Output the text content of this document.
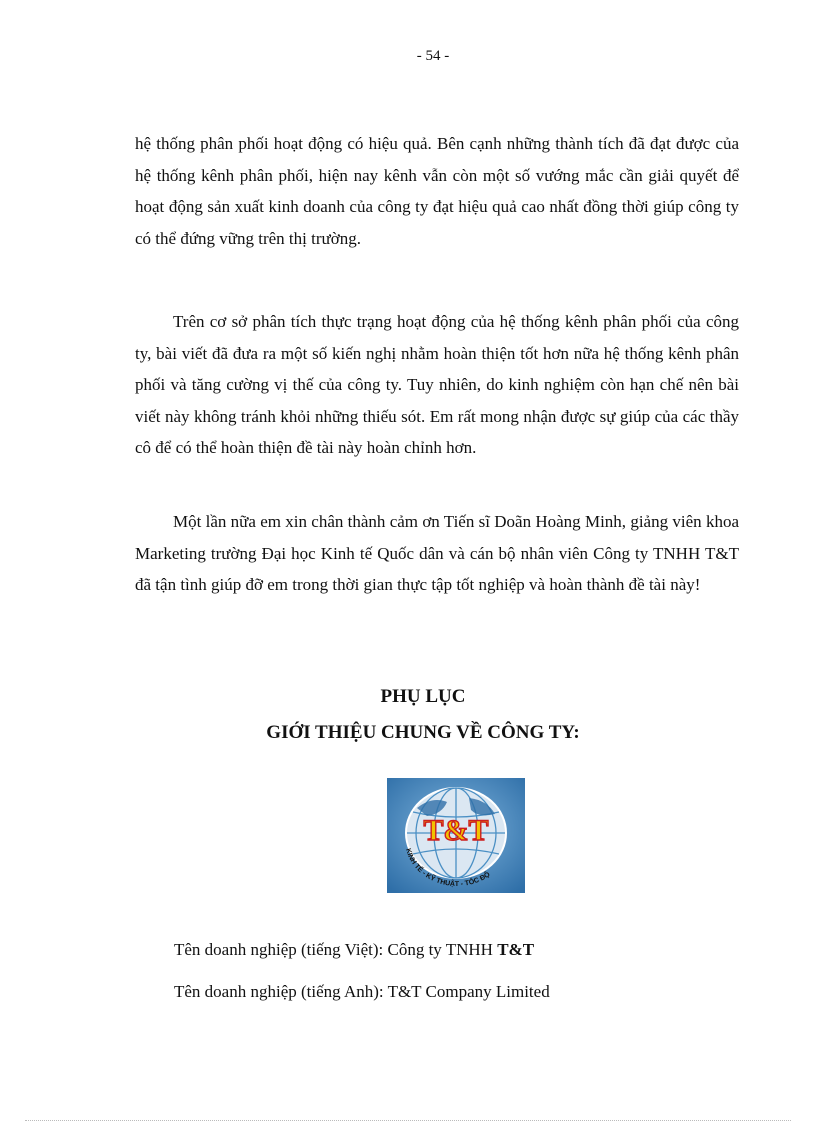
- 54 -

hệ thống phân phối hoạt động có hiệu quả. Bên cạnh những thành tích đã đạt được của hệ thống kênh phân phối, hiện nay kênh vẫn còn một số vướng mắc cần giải quyết để hoạt động sản xuất kinh doanh của công ty đạt hiệu quả cao nhất đồng thời giúp công ty có thể đứng vững trên thị trường.

Trên cơ sở phân tích thực trạng hoạt động của hệ thống kênh phân phối của công ty, bài viết đã đưa ra một số kiến nghị nhằm hoàn thiện tốt hơn nữa hệ thống kênh phân phối và tăng cường vị thế của công ty. Tuy nhiên, do kinh nghiệm còn hạn chế nên bài viết này không tránh khỏi những thiếu sót. Em rất mong nhận được sự giúp của các thầy cô để có thể hoàn thiện đề tài này hoàn chỉnh hơn.

Một lần nữa em xin chân thành cảm ơn Tiến sĩ Doãn Hoàng Minh, giảng viên khoa Marketing trường Đại học Kinh tế Quốc dân và cán bộ nhân viên Công ty TNHH T&T đã tận tình giúp đỡ em trong thời gian thực tập tốt nghiệp và hoàn thành đề tài này!

PHỤ LỤC
GIỚI THIỆU CHUNG VỀ CÔNG TY:
T&T
KINH TẾ - KỸ THUẬT - TỐC ĐỘ
Tên doanh nghiệp (tiếng Việt): Công ty TNHH T&T
Tên doanh nghiệp (tiếng Anh): T&T Company Limited
